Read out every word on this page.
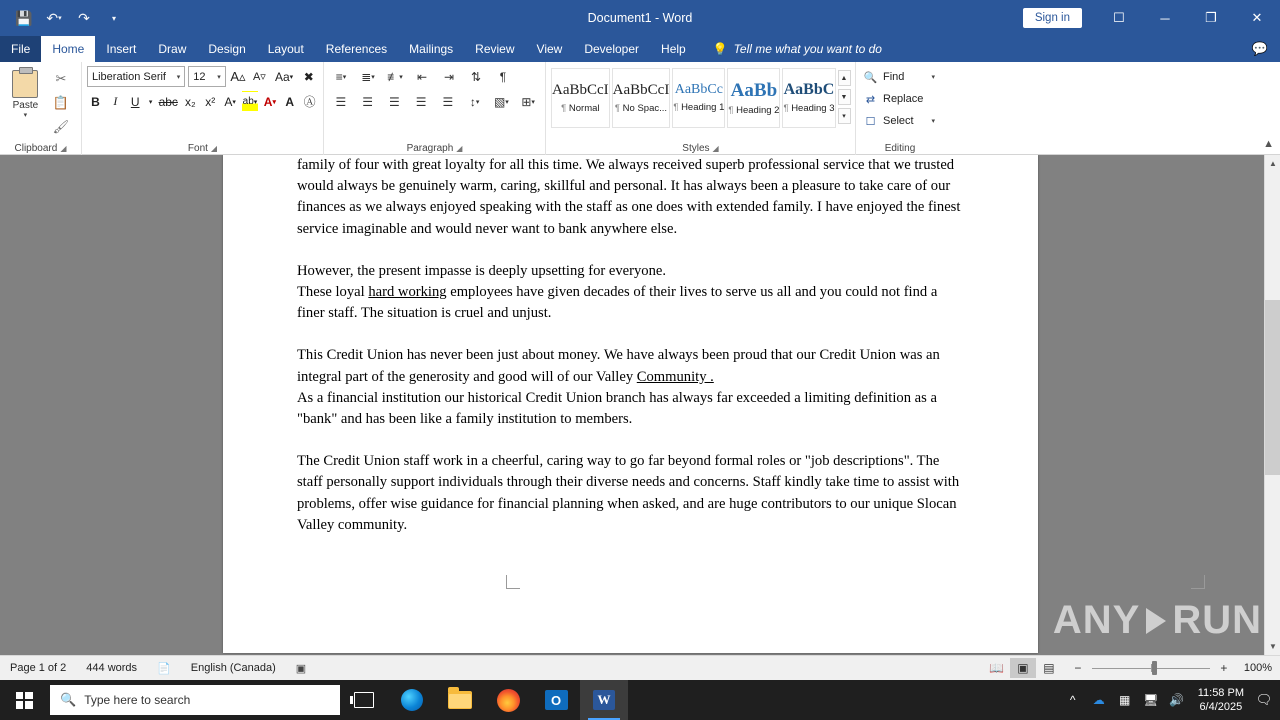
💾 ↶ ▾ ↷	▾	Document1 - Word	Sign in	☐	─	❐	✕
File	Home	Insert	Draw	Design	Layout	References	Mailings	Review	View	Developer	Help	💡 Tell me what you want to do	💬
Paste
▾
✂
📋
🖌
Clipboard ◢
Liberation Serif	▾ 12	▾ A▵ A▿ Aa ▾ ✖
B	I	U	▾ abc x₂ x² A ▾ ab ▾ A ▾ A Ⓐ
Font ◢
≡ ▾	≣ ▾	≢ ▾	⇤	⇥	⇅	¶
☰	☰	☰	☰	☰	↕ ▾	▧ ▾	⊞ ▾
Paragraph ◢
AaBbCcI
¶ Normal
AaBbCcI
¶ No Spac...
AaBbCс
¶ Heading 1
AaBb
¶ Heading 2
AaBbC
¶ Heading 3
▲
▼
▾
Styles ◢
🔍 Find	▾
⇄ Replace
☐ Select	▾
Editing	▲

family of four with great loyalty for all this time. We always received superb professional service that we trusted would always be genuinely warm, caring, skillful and personal. It has always been a pleasure to take care of our finances as we always enjoyed speaking with the staff as one does with extended family. I have enjoyed the finest service imaginable and would never want to bank anywhere else.

However, the present impasse is deeply upsetting for everyone.

These loyal hard working employees have given decades of their lives to serve us all and you could not find a finer staff. The situation is cruel and unjust.

This Credit Union has never been just about money. We have always been proud that our Credit Union was an integral part of the generosity and good will of our Valley Community .

As a financial institution our historical Credit Union branch has always far exceeded a limiting definition as a "bank" and has been like a family institution to members.

The Credit Union staff work in a cheerful, caring way to go far beyond formal roles or "job descriptions". The staff personally support individuals through their diverse needs and concerns. Staff kindly take time to assist with problems, offer wise guidance for financial planning when asked, and are huge contributors to our unique Slocan Valley community.

ANY RUN
▲
▼
Page 1 of 2	444 words	📄	English (Canada)	▣	📖	▣	▤	−	+	100%
🔍 Type here to search	O	W	^	☁	▦	🖥 🔊	11:58 PM
6/4/2025 🗨
